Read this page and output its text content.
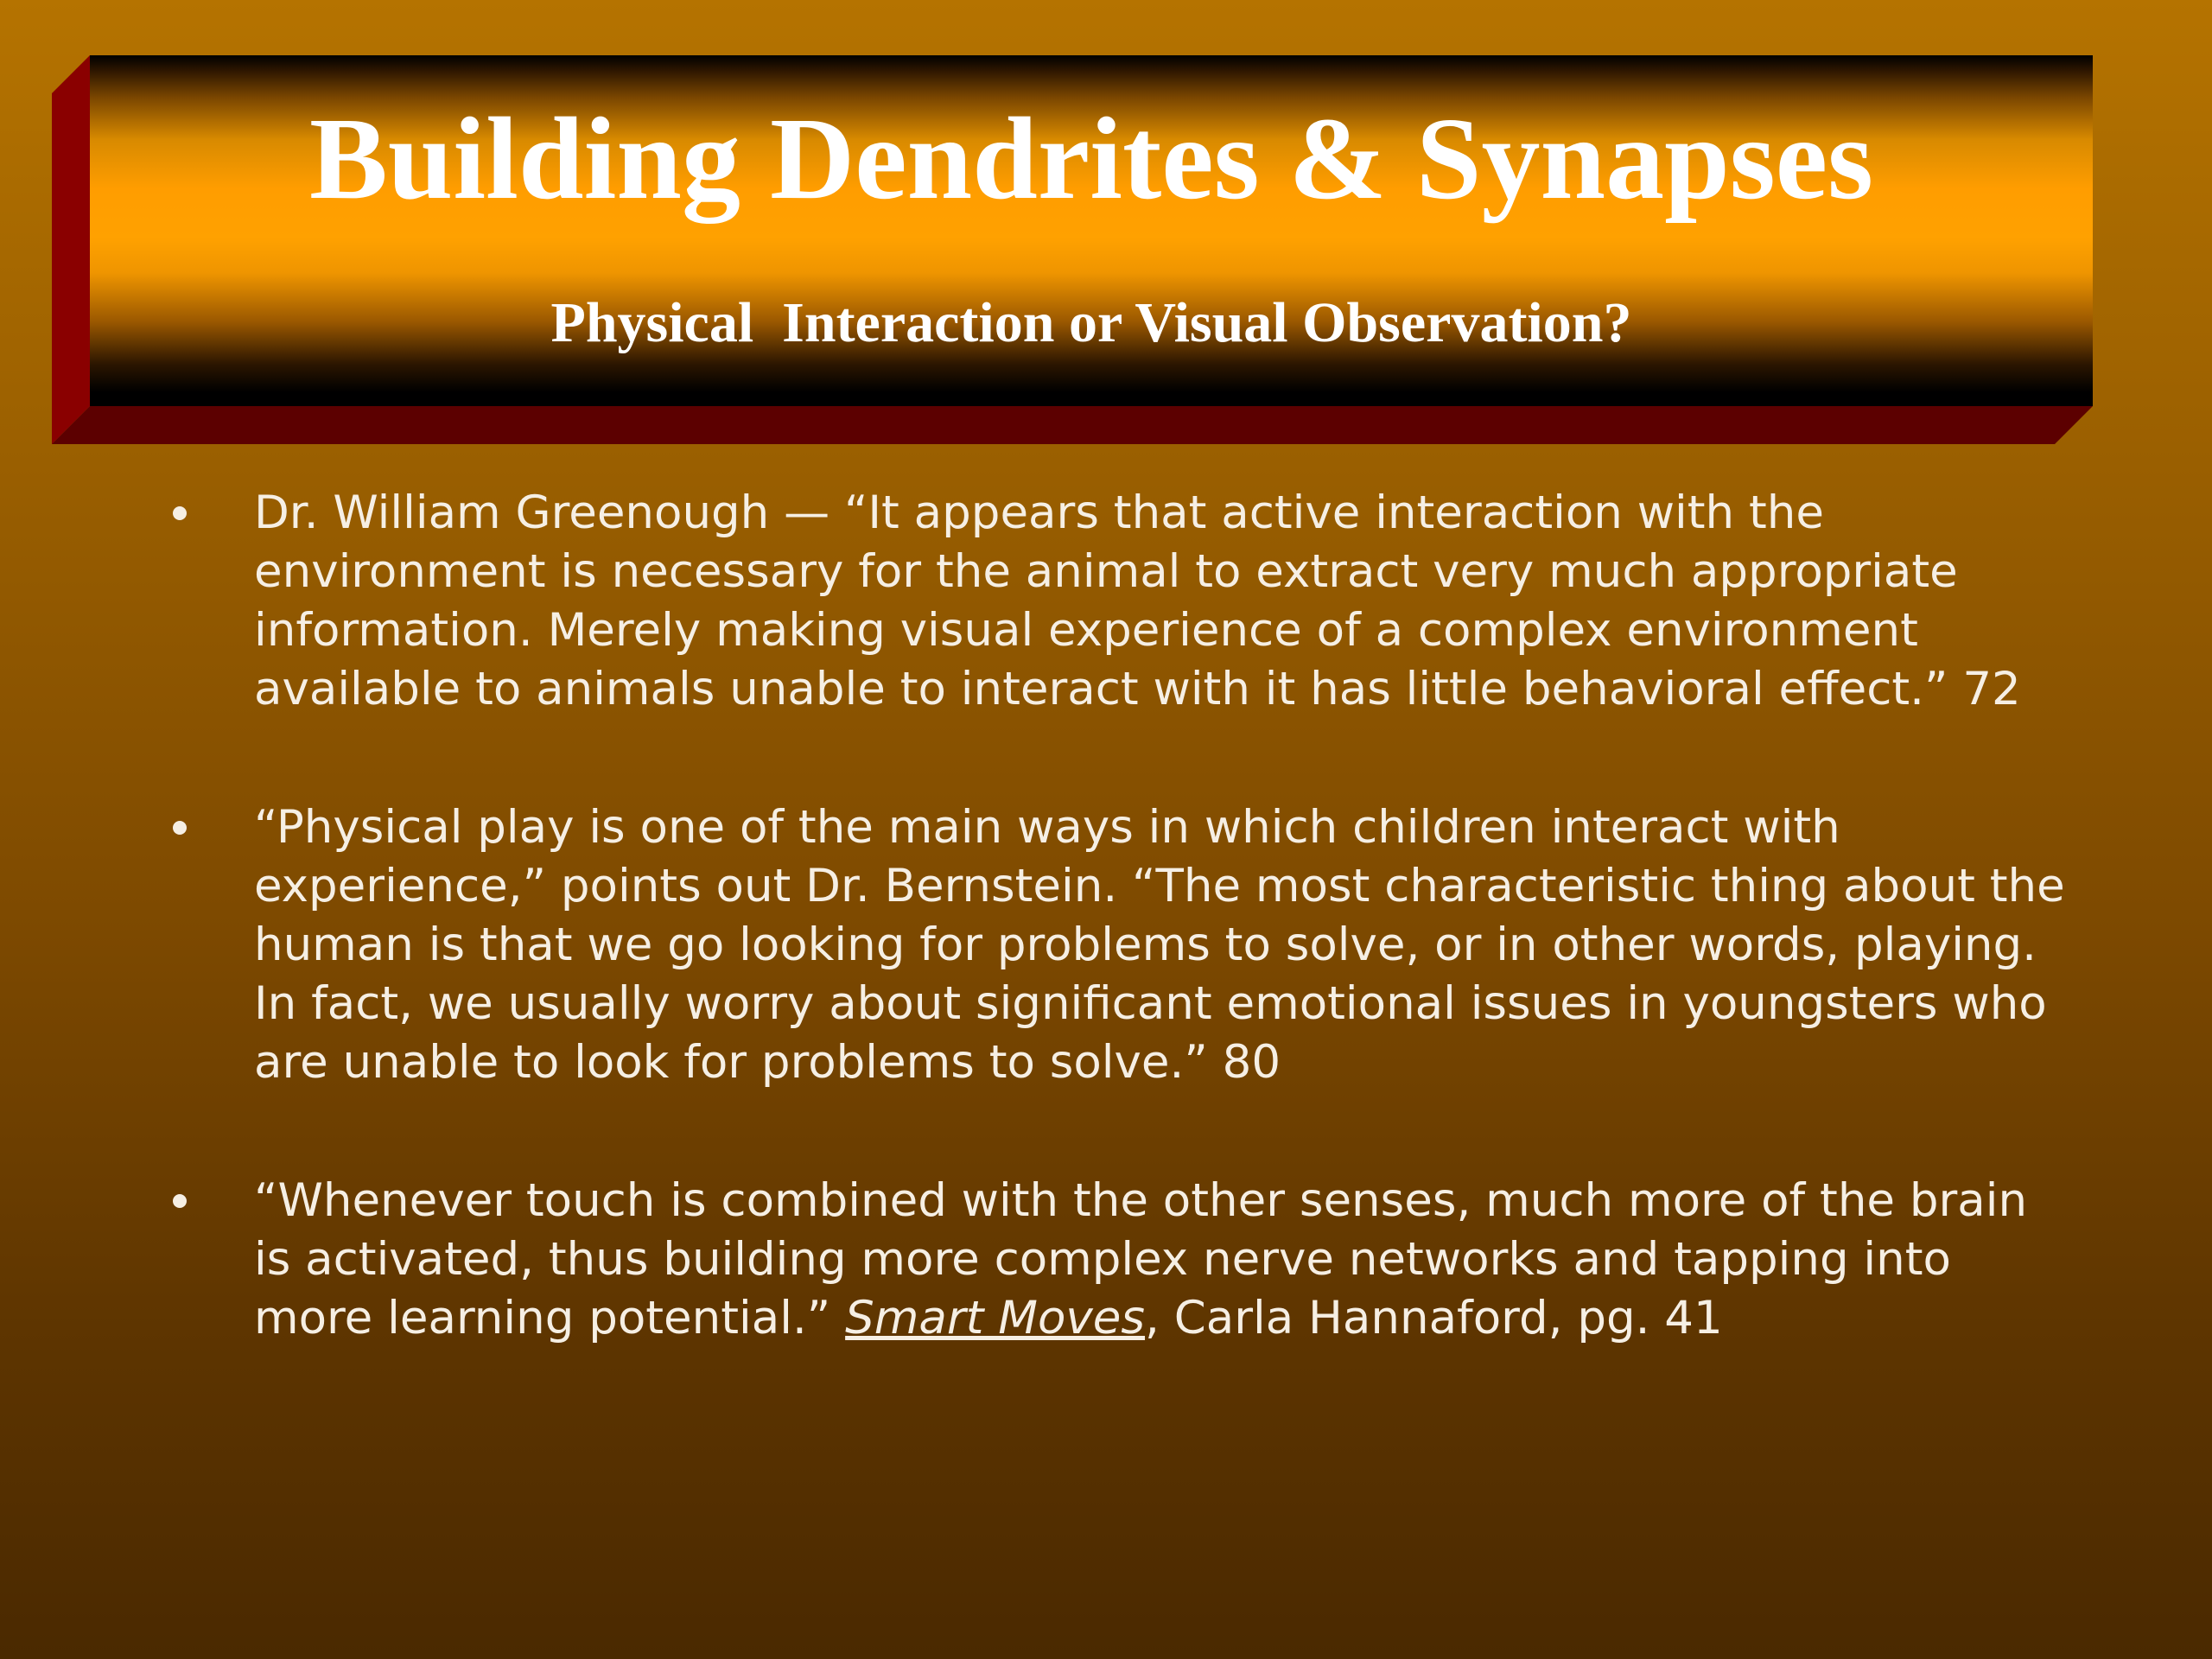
Building Dendrites & Synapses
Physical  Interaction or Visual Observation?
Dr. William Greenough — “It appears that active interaction with the environment is necessary for the animal to extract very much appropriate information. Merely making visual experience of a complex environment available to animals unable to interact with it has little behavioral effect.” 72
“Physical play is one of the main ways in which children interact with experience,” points out Dr. Bernstein. “The most characteristic thing about the human is that we go looking for problems to solve, or in other words, playing. In fact, we usually worry about significant emotional issues in youngsters who are unable to look for problems to solve.” 80
“Whenever touch is combined with the other senses, much more of the brain is activated, thus building more complex nerve networks and tapping into more learning potential.” Smart Moves, Carla Hannaford, pg. 41
